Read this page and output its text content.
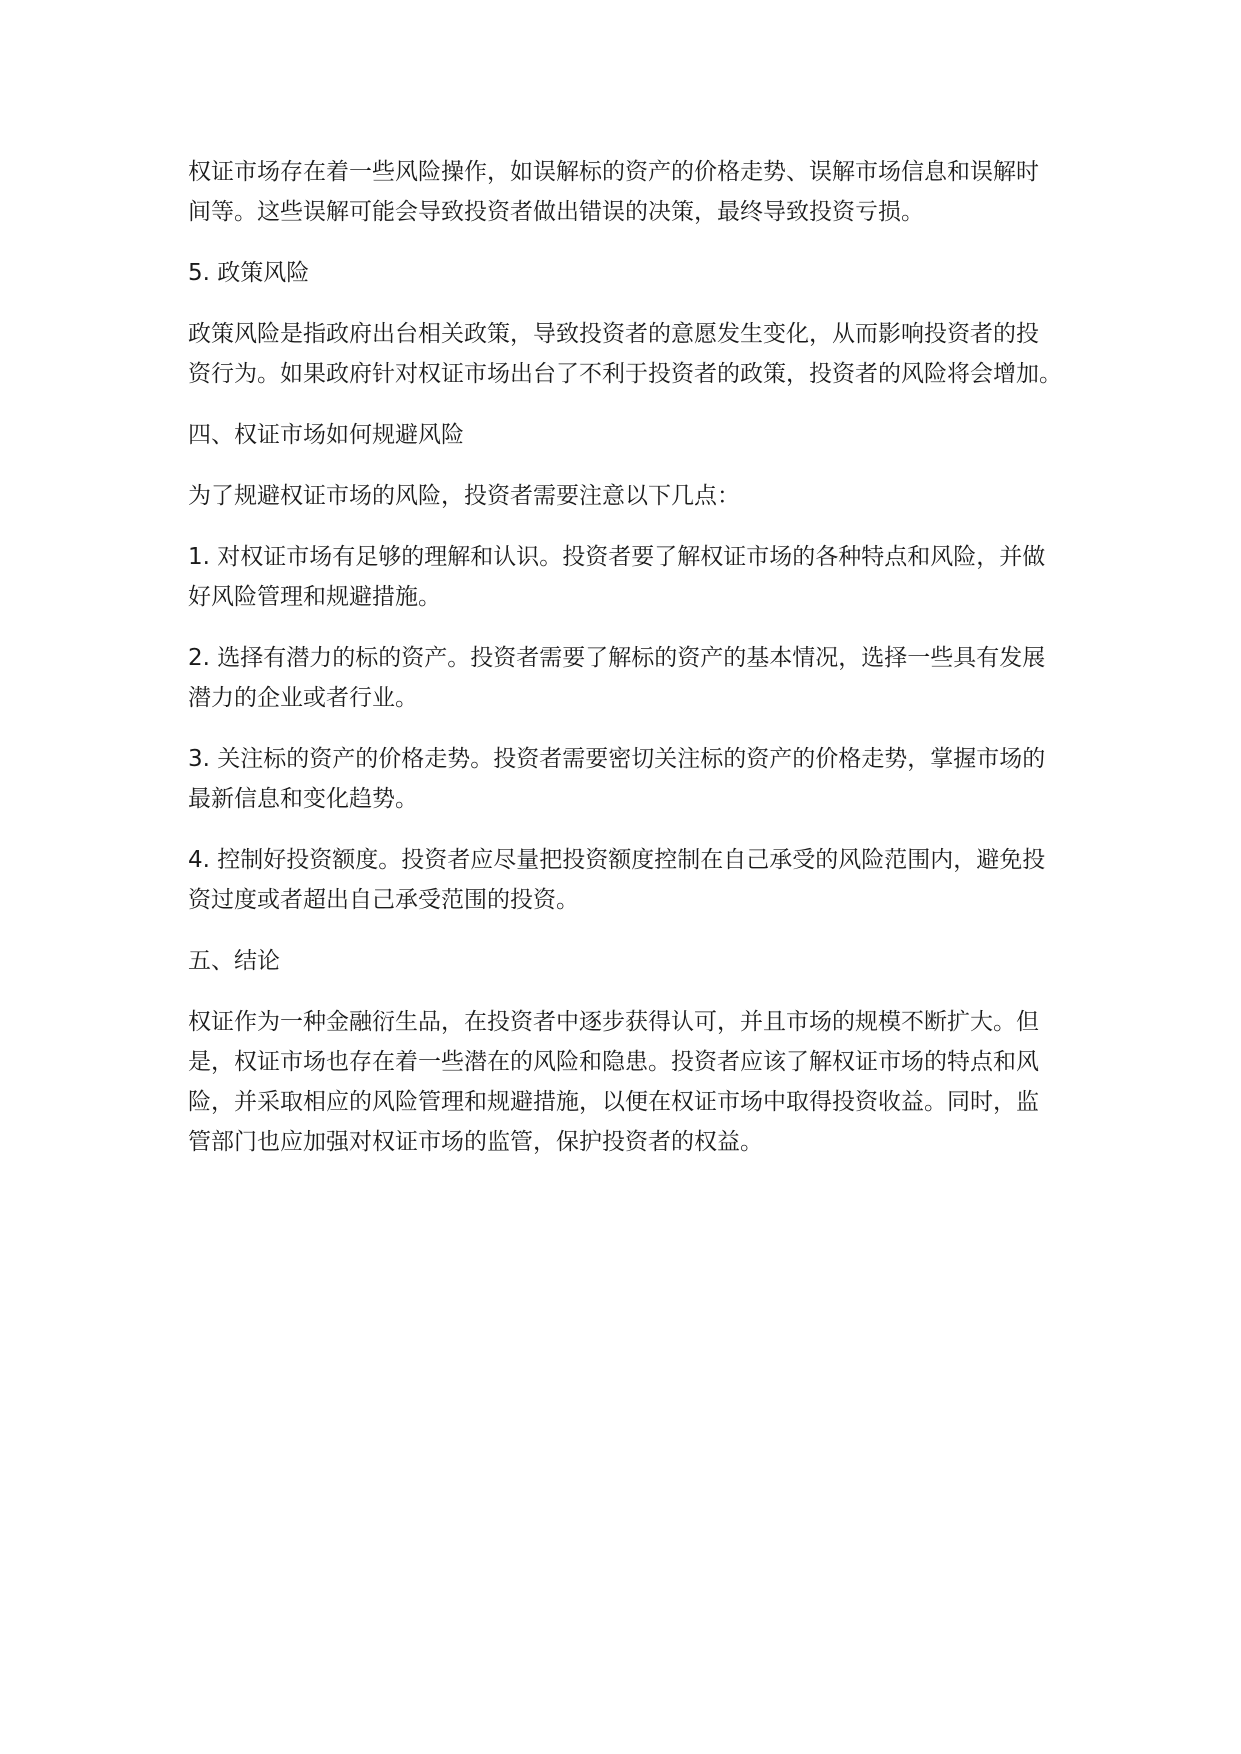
权证市场存在着一些风险操作，如误解标的资产的价格走势、误解市场信息和误解时
间等。这些误解可能会导致投资者做出错误的决策，最终导致投资亏损。

5. 政策风险

政策风险是指政府出台相关政策，导致投资者的意愿发生变化，从而影响投资者的投
资行为。如果政府针对权证市场出台了不利于投资者的政策，投资者的风险将会增加。

四、权证市场如何规避风险

为了规避权证市场的风险，投资者需要注意以下几点：

1. 对权证市场有足够的理解和认识。投资者要了解权证市场的各种特点和风险，并做
好风险管理和规避措施。

2. 选择有潜力的标的资产。投资者需要了解标的资产的基本情况，选择一些具有发展
潜力的企业或者行业。

3. 关注标的资产的价格走势。投资者需要密切关注标的资产的价格走势，掌握市场的
最新信息和变化趋势。

4. 控制好投资额度。投资者应尽量把投资额度控制在自己承受的风险范围内，避免投
资过度或者超出自己承受范围的投资。

五、结论

权证作为一种金融衍生品，在投资者中逐步获得认可，并且市场的规模不断扩大。但
是，权证市场也存在着一些潜在的风险和隐患。投资者应该了解权证市场的特点和风
险，并采取相应的风险管理和规避措施，以便在权证市场中取得投资收益。同时，监
管部门也应加强对权证市场的监管，保护投资者的权益。
